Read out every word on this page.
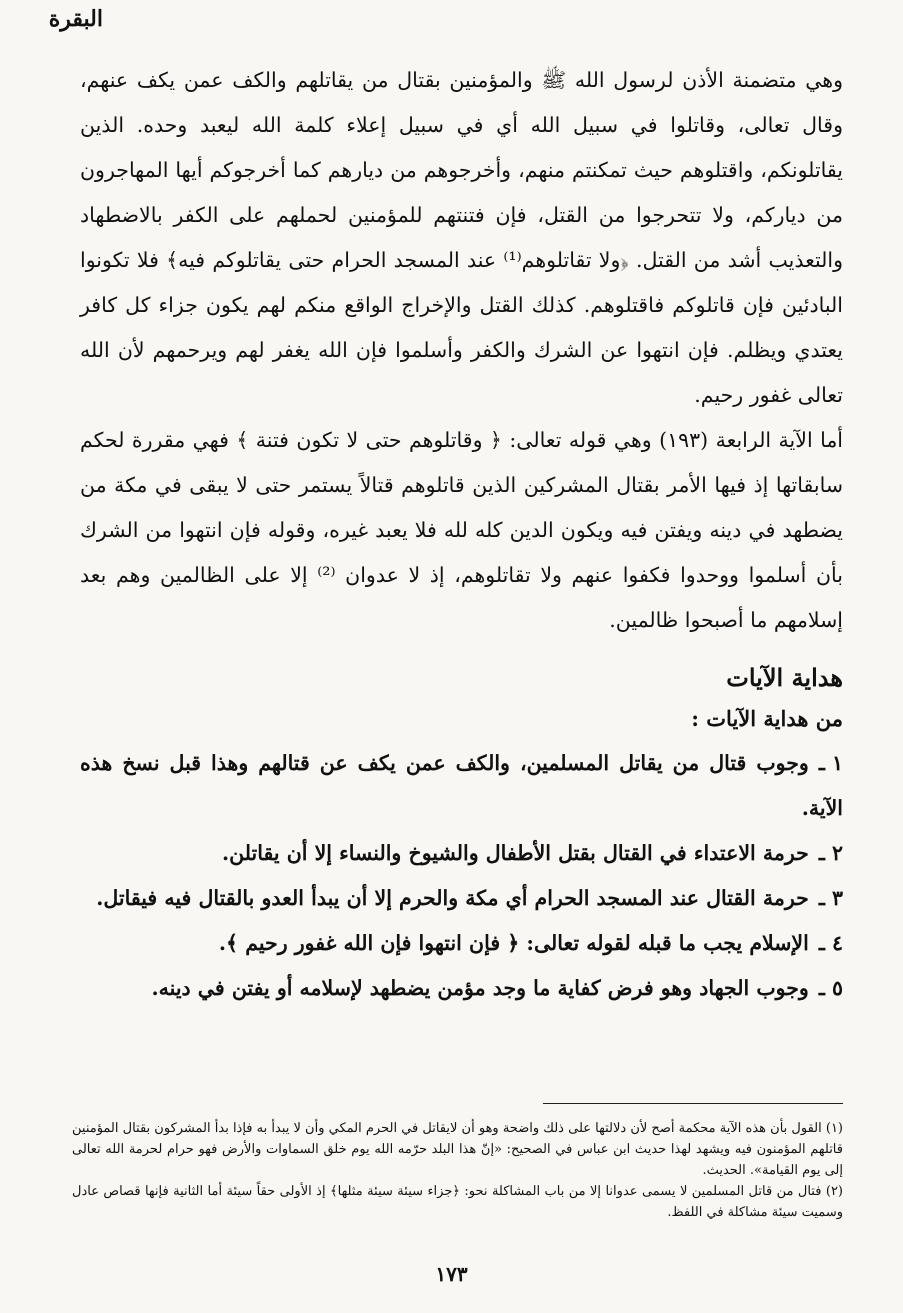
البقرة

وهي متضمنة الأذن لرسول الله ﷺ والمؤمنين بقتال من يقاتلهم والكف عمن يكف عنهم، وقال تعالى، وقاتلوا في سبيل الله أي في سبيل إعلاء كلمة الله ليعبد وحده. الذين يقاتلونكم، واقتلوهم حيث تمكنتم منهم، وأخرجوهم من ديارهم كما أخرجوكم أيها المهاجرون من دياركم، ولا تتحرجوا من القتل، فإن فتنتهم للمؤمنين لحملهم على الكفر بالاضطهاد والتعذيب أشد من القتل. ﴿ولا تقاتلوهم⁽¹⁾ عند المسجد الحرام حتى يقاتلوكم فيه﴾ فلا تكونوا البادئين فإن قاتلوكم فاقتلوهم. كذلك القتل والإخراج الواقع منكم لهم يكون جزاء كل كافر يعتدي ويظلم. فإن انتهوا عن الشرك والكفر وأسلموا فإن الله يغفر لهم ويرحمهم لأن الله تعالى غفور رحيم.

أما الآية الرابعة (١٩٣) وهي قوله تعالى: ﴿ وقاتلوهم حتى لا تكون فتنة ﴾ فهي مقررة لحكم سابقاتها إذ فيها الأمر بقتال المشركين الذين قاتلوهم قتالاً يستمر حتى لا يبقى في مكة من يضطهد في دينه ويفتن فيه ويكون الدين كله لله فلا يعبد غيره، وقوله فإن انتهوا من الشرك بأن أسلموا ووحدوا فكفوا عنهم ولا تقاتلوهم، إذ لا عدوان ⁽²⁾ إلا على الظالمين وهم بعد إسلامهم ما أصبحوا ظالمين.

هداية الآيات

من هداية الآيات :

١ ـوجوب قتال من يقاتل المسلمين، والكف عمن يكف عن قتالهم وهذا قبل نسخ هذه الآية.
٢ ـحرمة الاعتداء في القتال بقتل الأطفال والشيوخ والنساء إلا أن يقاتلن.
٣ ـحرمة القتال عند المسجد الحرام أي مكة والحرم إلا أن يبدأ العدو بالقتال فيه فيقاتل.
٤ ـالإسلام يجب ما قبله لقوله تعالى: ﴿ فإن انتهوا فإن الله غفور رحيم ﴾.
٥ ـوجوب الجهاد وهو فرض كفاية ما وجد مؤمن يضطهد لإسلامه أو يفتن في دينه.

(١) القول بأن هذه الآية محكمة أصح لأن دلالتها على ذلك واضحة وهو أن لايقاتل في الحرم المكي وأن لا يبدأ به فإذا بدأ المشركون بقتال المؤمنين قاتلهم المؤمنون فيه ويشهد لهذا حديث ابن عباس في الصحيح: «إنّ هذا البلد حرّمه الله يوم خلق السماوات والأرض فهو حرام لحرمة الله تعالى إلى يوم القيامة». الحديث.

(٢) فتال من قاتل المسلمين لا يسمى عدوانا إلا من باب المشاكلة نحو: ﴿جزاء سيئة سيئة مثلها﴾ إذ الأولى حقاً سيئة أما الثانية فإنها قصاص عادل وسميت سيئة مشاكلة في اللفظ.

١٧٣
